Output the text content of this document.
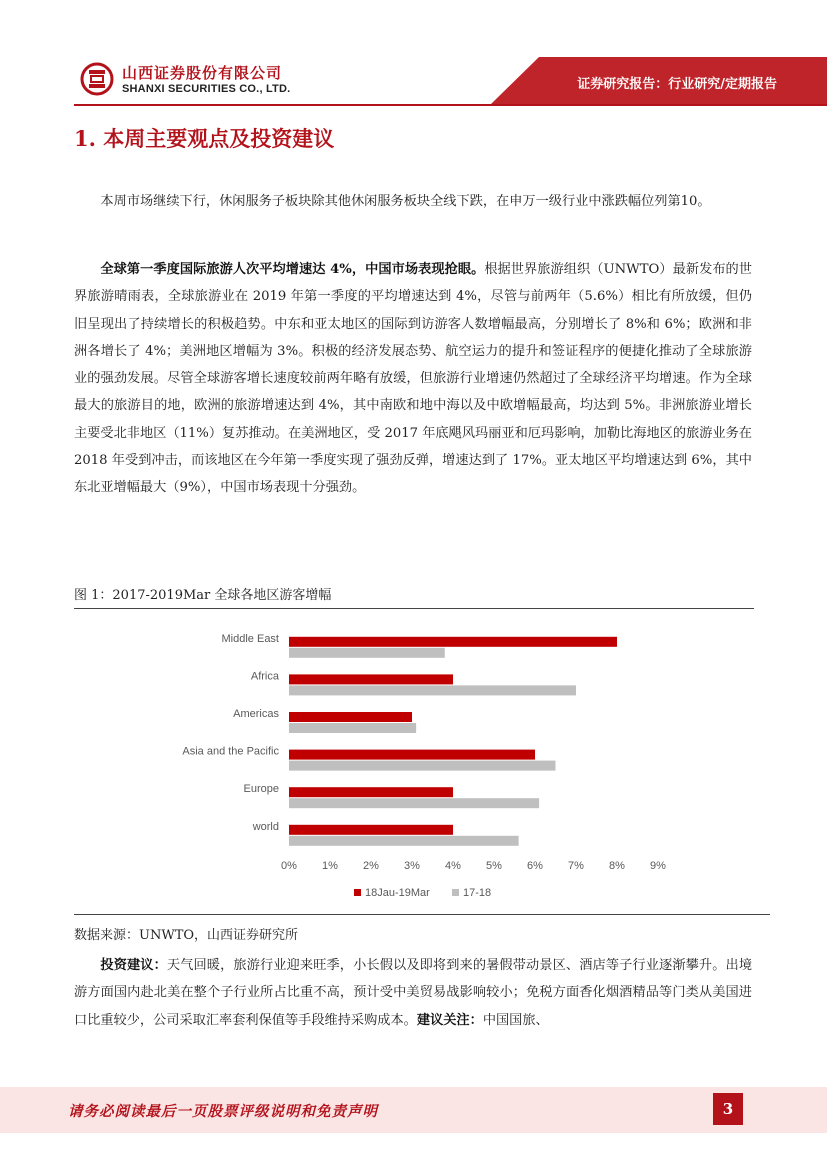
山西证券股份有限公司
SHANXI SECURITIES CO., LTD.	证券研究报告：行业研究/定期报告
1. 本周主要观点及投资建议

本周市场继续下行，休闲服务子板块除其他休闲服务板块全线下跌，在申万一级行业中涨跌幅位列第10。

全球第一季度国际旅游人次平均增速达 4%，中国市场表现抢眼。根据世界旅游组织（UNWTO）最新发布的世界旅游晴雨表，全球旅游业在 2019 年第一季度的平均增速达到 4%，尽管与前两年（5.6%）相比有所放缓，但仍旧呈现出了持续增长的积极趋势。中东和亚太地区的国际到访游客人数增幅最高，分别增长了 8%和 6%；欧洲和非洲各增长了 4%；美洲地区增幅为 3%。积极的经济发展态势、航空运力的提升和签证程序的便捷化推动了全球旅游业的强劲发展。尽管全球游客增长速度较前两年略有放缓，但旅游行业增速仍然超过了全球经济平均增速。作为全球最大的旅游目的地，欧洲的旅游增速达到 4%，其中南欧和地中海以及中欧增幅最高，均达到 5%。非洲旅游业增长主要受北非地区（11%）复苏推动。在美洲地区，受 2017 年底飓风玛丽亚和厄玛影响，加勒比海地区的旅游业务在 2018 年受到冲击，而该地区在今年第一季度实现了强劲反弹，增速达到了 17%。亚太地区平均增速达到 6%，其中东北亚增幅最大（9%），中国市场表现十分强劲。

图 1：2017-2019Mar 全球各地区游客增幅
Middle East
Africa
Americas
Asia and the Pacific
Europe
world
0% 1% 2% 3% 4% 5% 6% 7% 8% 9%
18Jau-19Mar	17-18
数据来源：UNWTO，山西证券研究所

投资建议：天气回暖，旅游行业迎来旺季，小长假以及即将到来的暑假带动景区、酒店等子行业逐渐攀升。出境游方面国内赴北美在整个子行业所占比重不高，预计受中美贸易战影响较小；免税方面香化烟酒精品等门类从美国进口比重较少，公司采取汇率套利保值等手段维持采购成本。建议关注：中国国旅、

请务必阅读最后一页股票评级说明和免责声明	3
